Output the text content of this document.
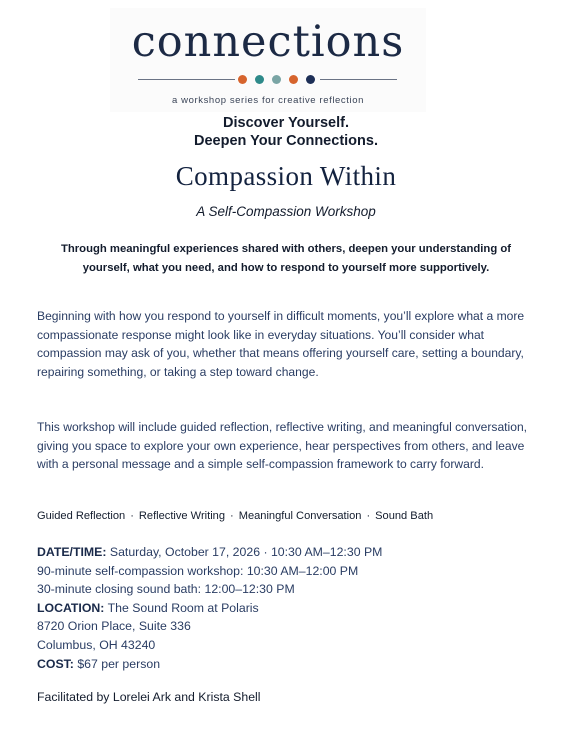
connections
a workshop series for creative reflection
Discover Yourself.
Deepen Your Connections.
Compassion Within
A Self-Compassion Workshop
Through meaningful experiences shared with others, deepen your understanding of yourself, what you need, and how to respond to yourself more supportively.
Beginning with how you respond to yourself in difficult moments, you’ll explore what a more compassionate response might look like in everyday situations. You’ll consider what compassion may ask of you, whether that means offering yourself care, setting a boundary, repairing something, or taking a step toward change.
This workshop will include guided reflection, reflective writing, and meaningful conversation, giving you space to explore your own experience, hear perspectives from others, and leave with a personal message and a simple self-compassion framework to carry forward.
Guided Reflection · Reflective Writing · Meaningful Conversation · Sound Bath
DATE/TIME: Saturday, October 17, 2026 · 10:30 AM–12:30 PM
90-minute self-compassion workshop: 10:30 AM–12:00 PM
30-minute closing sound bath: 12:00–12:30 PM
LOCATION: The Sound Room at Polaris
8720 Orion Place, Suite 336
Columbus, OH 43240
COST: $67 per person
Facilitated by Lorelei Ark and Krista Shell
